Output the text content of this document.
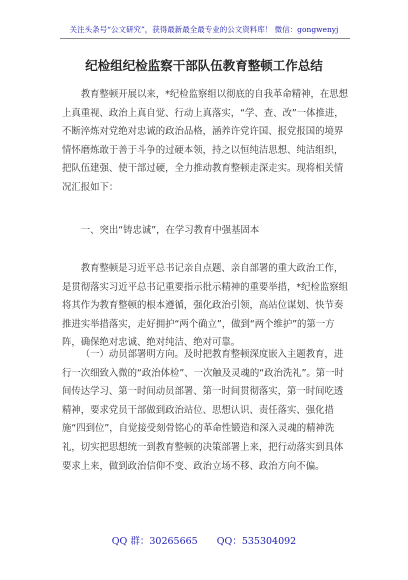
关注头条号“公文研究”，获得最新最全最专业的公文资料库！ 微信：gongwenyj
纪检组纪检监察干部队伍教育整顿工作总结

教育整顿开展以来，*纪检监察组以彻底的自我革命精神，在思想上真重视、政治上真自觉、行动上真落实，“学、查、改”一体推进，不断淬炼对党绝对忠诚的政治品格，涵养许党许国、报党报国的境界情怀磨炼敢于善于斗争的过硬本领，持之以恒纯洁思想、纯洁组织，把队伍建强、使干部过硬，全力推动教育整顿走深走实。现将相关情况汇报如下：

一、突出“铸忠诚”，在学习教育中强基固本

教育整顿是习近平总书记亲自点题、亲自部署的重大政治工作，是贯彻落实习近平总书记重要指示批示精神的重要举措，*纪检监察组将其作为教育整顿的根本遵循，强化政治引领，高站位谋划、快节奏推进实举措落实，走好拥护“两个确立”，做到“两个维护”的第一方阵，确保绝对忠诚、绝对纯洁、绝对可靠。

（一）动员部署明方向。及时把教育整顿深度嵌入主题教育，进行一次细致入微的“政治体检”、一次触及灵魂的“政治洗礼”。第一时间传达学习、第一时间动员部署、第一时间贯彻落实，第一时间吃透精神，要求党员干部做到政治站位、思想认识、责任落实、强化措施“四到位”，自觉接受刻骨铭心的革命性锻造和深入灵魂的精神洗礼，切实把思想统一到教育整顿的决策部署上来，把行动落实到具体要求上来，做到政治信仰不变、政治立场不移、政治方向不偏。

QQ 群：30265665 QQ：535304092
